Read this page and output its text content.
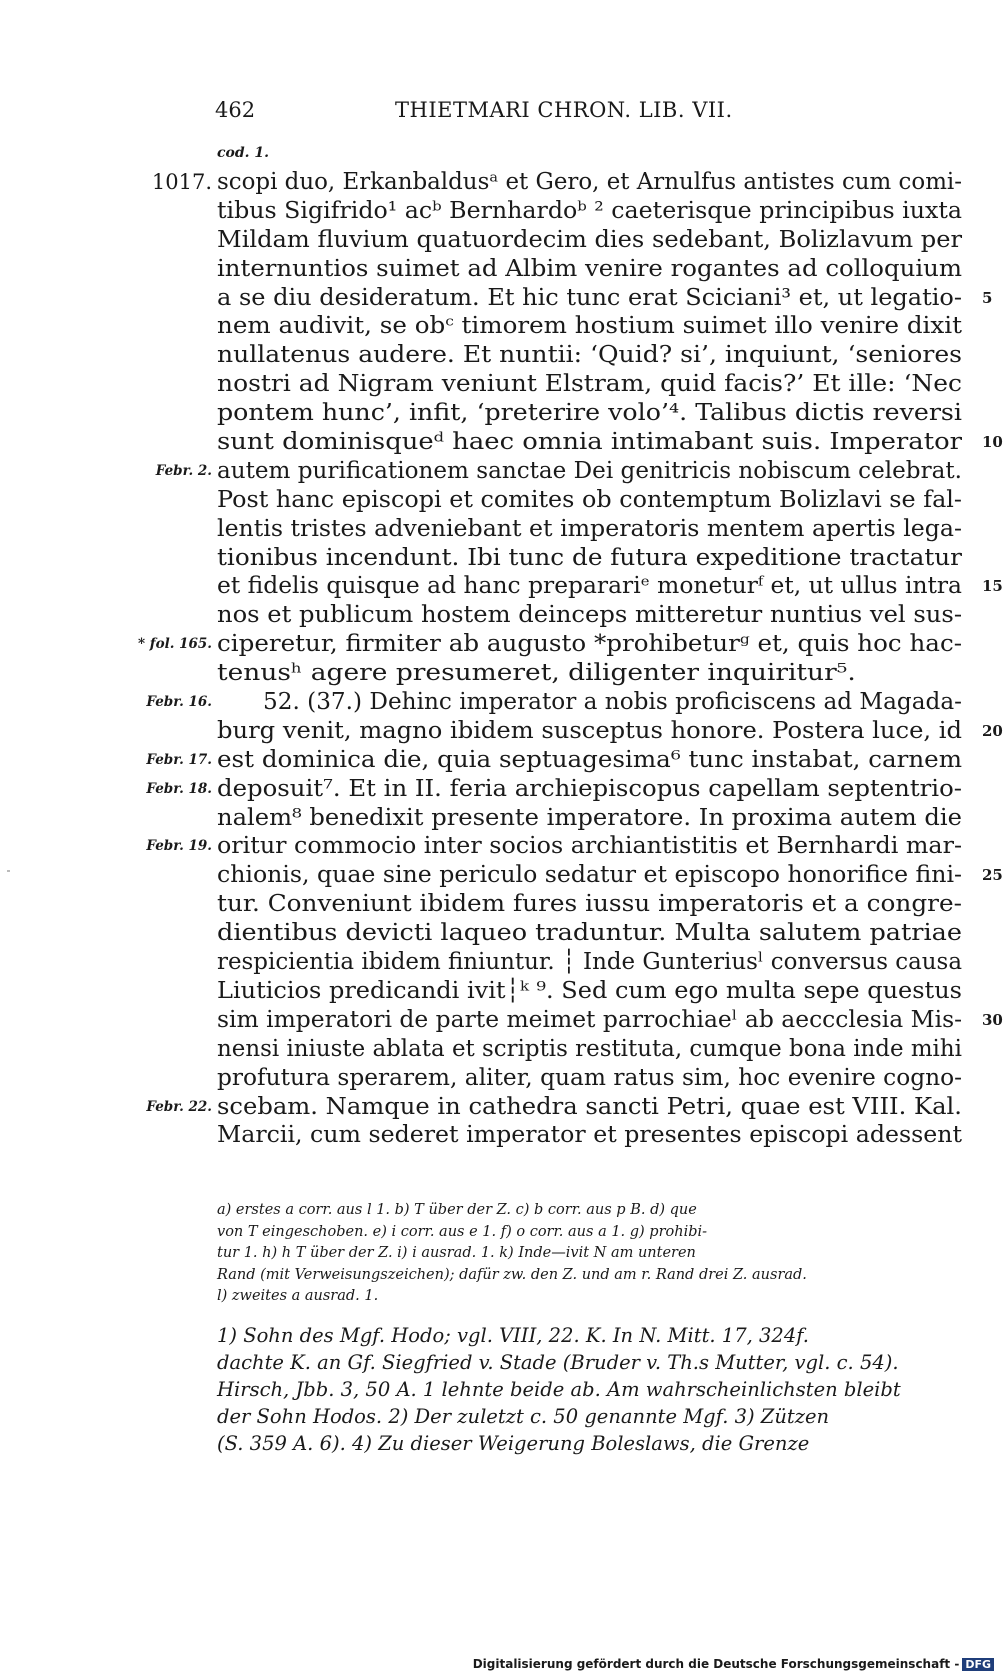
462	THIETMARI CHRON. LIB. VII.
cod. 1.
scopi duo, Erkanbaldusᵃ et Gero, et Arnulfus antistes cum comi-
1017.
tibus Sigifrido¹ acᵇ Bernhardoᵇ ² caeterisque principibus iuxta
Mildam fluvium quatuordecim dies sedebant, Bolizlavum per
internuntios suimet ad Albim venire rogantes ad colloquium
a se diu desideratum. Et hic tunc erat Sciciani³ et, ut legatio- 5
nem audivit, se obᶜ timorem hostium suimet illo venire dixit
nullatenus audere. Et nuntii: ‘Quid? si’, inquiunt, ‘seniores
nostri ad Nigram veniunt Elstram, quid facis?’ Et ille: ‘Nec
pontem hunc’, infit, ‘preterire volo’⁴. Talibus dictis reversi
sunt dominisqueᵈ haec omnia intimabant suis. Imperator 10
autem purificationem sanctae Dei genitricis nobiscum celebrat.
Febr. 2.
Post hanc episcopi et comites ob contemptum Bolizlavi se fal-
lentis tristes adveniebant et imperatoris mentem apertis lega-
tionibus incendunt. Ibi tunc de futura expeditione tractatur
et fidelis quisque ad hanc preparariᵉ moneturᶠ et, ut ullus intra 15
nos et publicum hostem deinceps mitteretur nuntius vel sus-
ciperetur, firmiter ab augusto *prohibeturᵍ et, quis hoc hac-
* fol. 165.
tenusʰ agere presumeret, diligenter inquiritur⁵.
52. (37.) Dehinc imperator a nobis proficiscens ad Magada-
Febr. 16.
burg venit, magno ibidem susceptus honore. Postera luce, id 20
est dominica die, quia septuagesima⁶ tunc instabat, carnem
Febr. 17.
deposuit⁷. Et in II. feria archiepiscopus capellam septentrio-
Febr. 18.
nalem⁸ benedixit presente imperatore. In proxima autem die
oritur commocio inter socios archiantistitis et Bernhardi mar-
Febr. 19.
chionis, quae sine periculo sedatur et episcopo honorifice fini- 25
tur. Conveniunt ibidem fures iussu imperatoris et a congre-
dientibus devicti laqueo traduntur. Multa salutem patriae
respicientia ibidem finiuntur. ┆ Inde Gunteriusˡ conversus causa
Liuticios predicandi ivit┆ᵏ ⁹. Sed cum ego multa sepe questus
sim imperatori de parte meimet parrochiaeˡ ab aeccclesia Mis- 30
nensi iniuste ablata et scriptis restituta, cumque bona inde mihi
profutura sperarem, aliter, quam ratus sim, hoc evenire cogno-
scebam. Namque in cathedra sancti Petri, quae est VIII. Kal.
Febr. 22.
Marcii, cum sederet imperator et presentes episcopi adessent
a) erstes a corr. aus l 1. b) T über der Z. c) b corr. aus p B. d) que
von T eingeschoben. e) i corr. aus e 1. f) o corr. aus a 1. g) prohibi-
tur 1. h) h T über der Z. i) i ausrad. 1. k) Inde—ivit N am unteren
Rand (mit Verweisungszeichen); dafür zw. den Z. und am r. Rand drei Z. ausrad.
l) zweites a ausrad. 1.
1) Sohn des Mgf. Hodo; vgl. VIII, 22. K. In N. Mitt. 17, 324f.
dachte K. an Gf. Siegfried v. Stade (Bruder v. Th.s Mutter, vgl. c. 54).
Hirsch, Jbb. 3, 50 A. 1 lehnte beide ab. Am wahrscheinlichsten bleibt
der Sohn Hodos. 2) Der zuletzt c. 50 genannte Mgf. 3) Zützen
(S. 359 A. 6). 4) Zu dieser Weigerung Boleslaws, die Grenze
Digitalisierung gefördert durch die Deutsche Forschungsgemeinschaft - DFG
